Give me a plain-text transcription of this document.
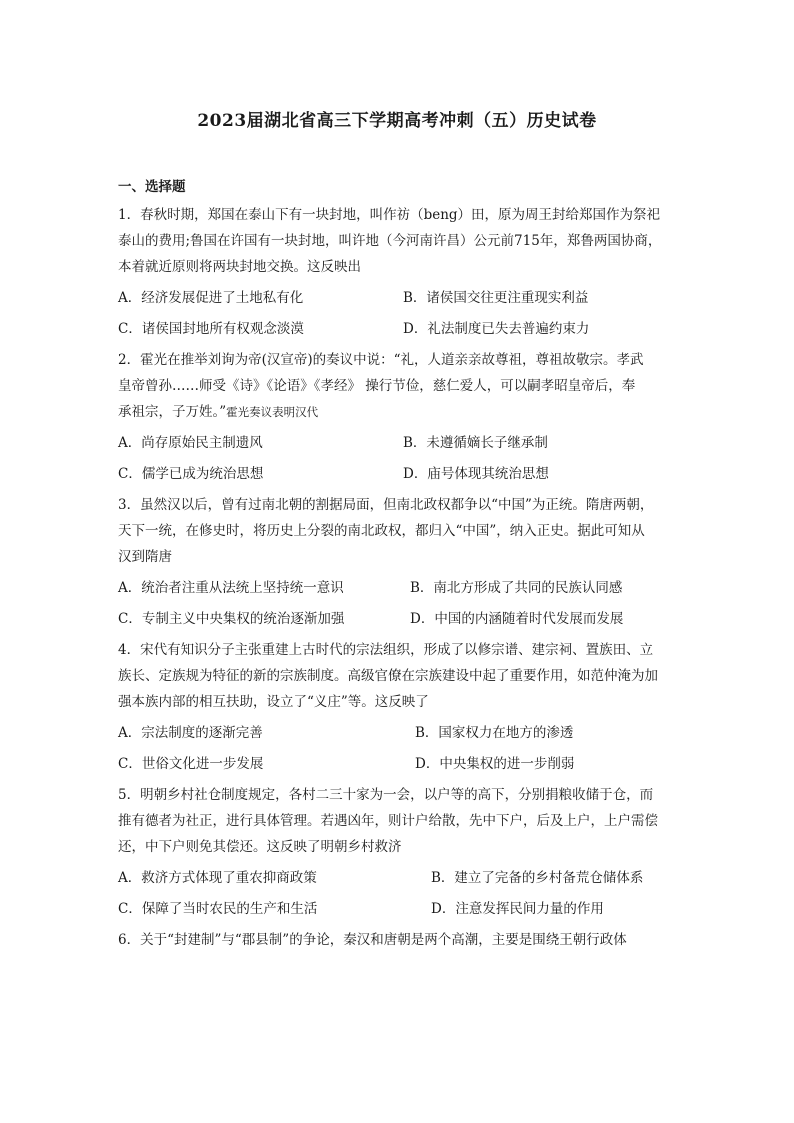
2023届湖北省高三下学期高考冲刺（五）历史试卷
一、选择题

1．春秋时期，郑国在泰山下有一块封地，叫作祊（beng）田，原为周王封给郑国作为祭祀

泰山的费用;鲁国在许国有一块封地，叫许地（今河南许昌）公元前715年，郑鲁两国协商，

本着就近原则将两块封地交换。这反映出

A．经济发展促进了土地私有化	B．诸侯国交往更注重现实利益
C．诸侯国封地所有权观念淡漠	D．礼法制度已失去普遍约束力

2．霍光在推举刘询为帝(汉宣帝)的奏议中说：“礼，人道亲亲故尊祖，尊祖故敬宗。孝武

皇帝曾孙……师受《诗》《论语》《孝经》 操行节俭，慈仁爱人，可以嗣孝昭皇帝后，奉

承祖宗，子万姓。”霍光奏议表明汉代

A．尚存原始民主制遗风	B．未遵循嫡长子继承制
C．儒学已成为统治思想	D．庙号体现其统治思想

3．虽然汉以后，曾有过南北朝的割据局面，但南北政权都争以“中国”为正统。隋唐两朝，

天下一统，在修史时，将历史上分裂的南北政权，都归入“中国”，纳入正史。据此可知从

汉到隋唐

A．统治者注重从法统上坚持统一意识	B．南北方形成了共同的民族认同感
C．专制主义中央集权的统治逐渐加强	D．中国的内涵随着时代发展而发展

4．宋代有知识分子主张重建上古时代的宗法组织，形成了以修宗谱、建宗祠、置族田、立

族长、定族规为特征的新的宗族制度。高级官僚在宗族建设中起了重要作用，如范仲淹为加

强本族内部的相互扶助，设立了“义庄”等。这反映了

A．宗法制度的逐渐完善	B．国家权力在地方的渗透
C．世俗文化进一步发展	D．中央集权的进一步削弱

5．明朝乡村社仓制度规定，各村二三十家为一会，以户等的高下，分别捐粮收储于仓，而

推有德者为社正，进行具体管理。若遇凶年，则计户给散，先中下户，后及上户，上户需偿

还，中下户则免其偿还。这反映了明朝乡村救济

A．救济方式体现了重农抑商政策	B．建立了完备的乡村备荒仓储体系
C．保障了当时农民的生产和生活	D．注意发挥民间力量的作用

6．关于“封建制”与“郡县制”的争论，秦汉和唐朝是两个高潮，主要是围绕王朝行政体
